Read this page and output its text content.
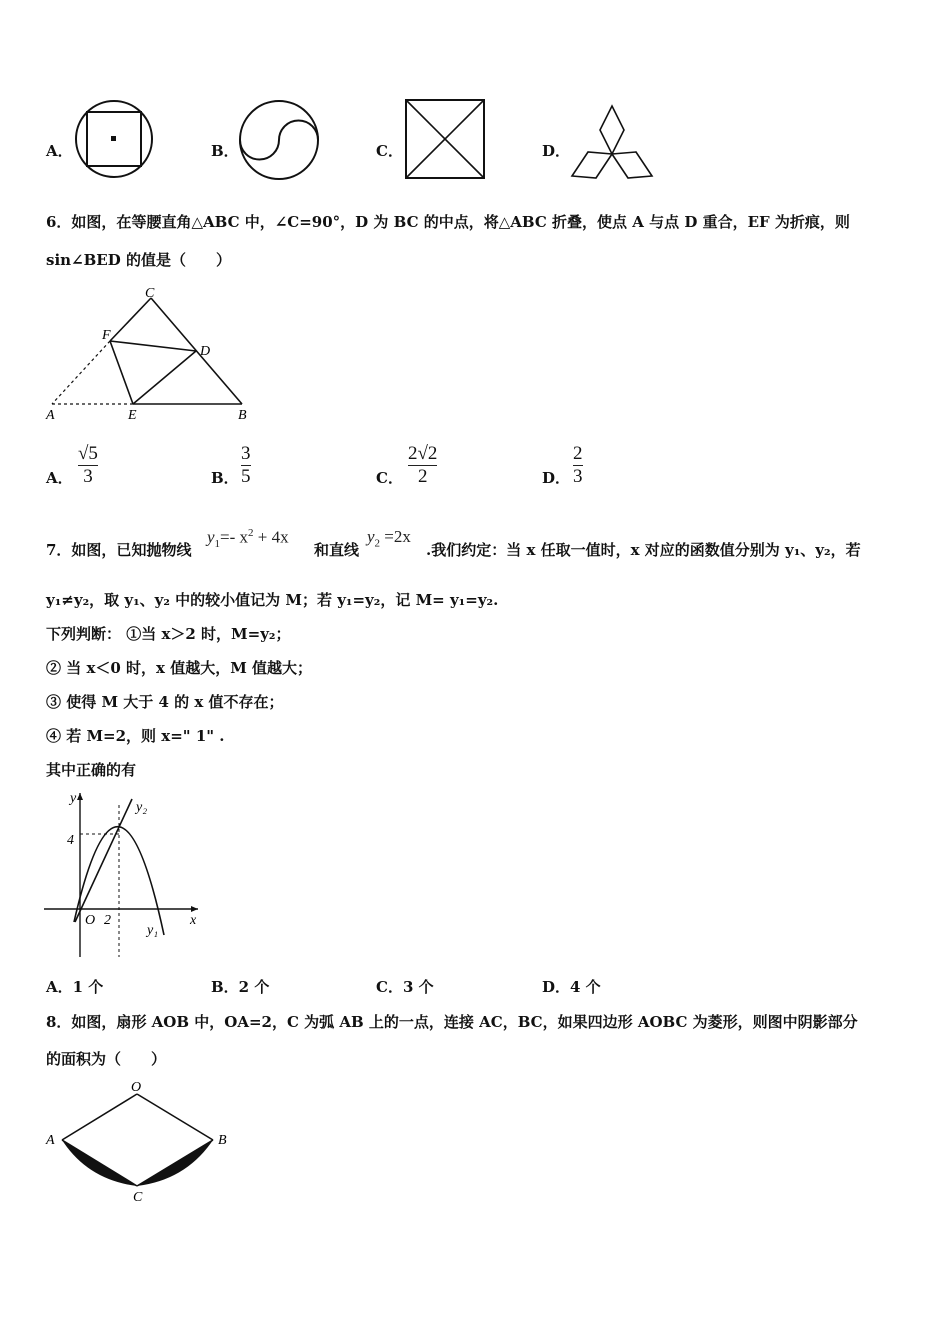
A．	B．	C．	D．
6．如图，在等腰直角△ABC 中，∠C=90°，D 为 BC 的中点，将△ABC 折叠，使点 A 与点 D 重合，EF 为折痕，则
sin∠BED 的值是（　　）
C
F
D
A	E	B
A．
√5
3	B．
3
5	C．
2√2
2	D．
2
3
7．如图，已知抛物线
$y_1=-$ $x^2 + 4x$
和直线
$y_2 =2x$
.我们约定：当 x 任取一值时，x 对应的函数值分别为 y₁、y₂，若
y₁≠y₂，取 y₁、y₂ 中的较小值记为 M；若 y₁=y₂，记 M= y₁=y₂.
下列判断： ①当 x＞2 时，M=y₂；
② 当 x＜0 时，x 值越大，M 值越大；
③ 使得 M 大于 4 的 x 值不存在；
④ 若 M=2，则 x=" 1" .
其中正确的有
y
y₂
4
O 2	x
y₁
A．1 个	B．2 个	C．3 个	D．4 个
8．如图，扇形 AOB 中，OA=2，C 为弧 AB 上的一点，连接 AC，BC，如果四边形 AOBC 为菱形，则图中阴影部分
的面积为（　　）
O
A	B
C
